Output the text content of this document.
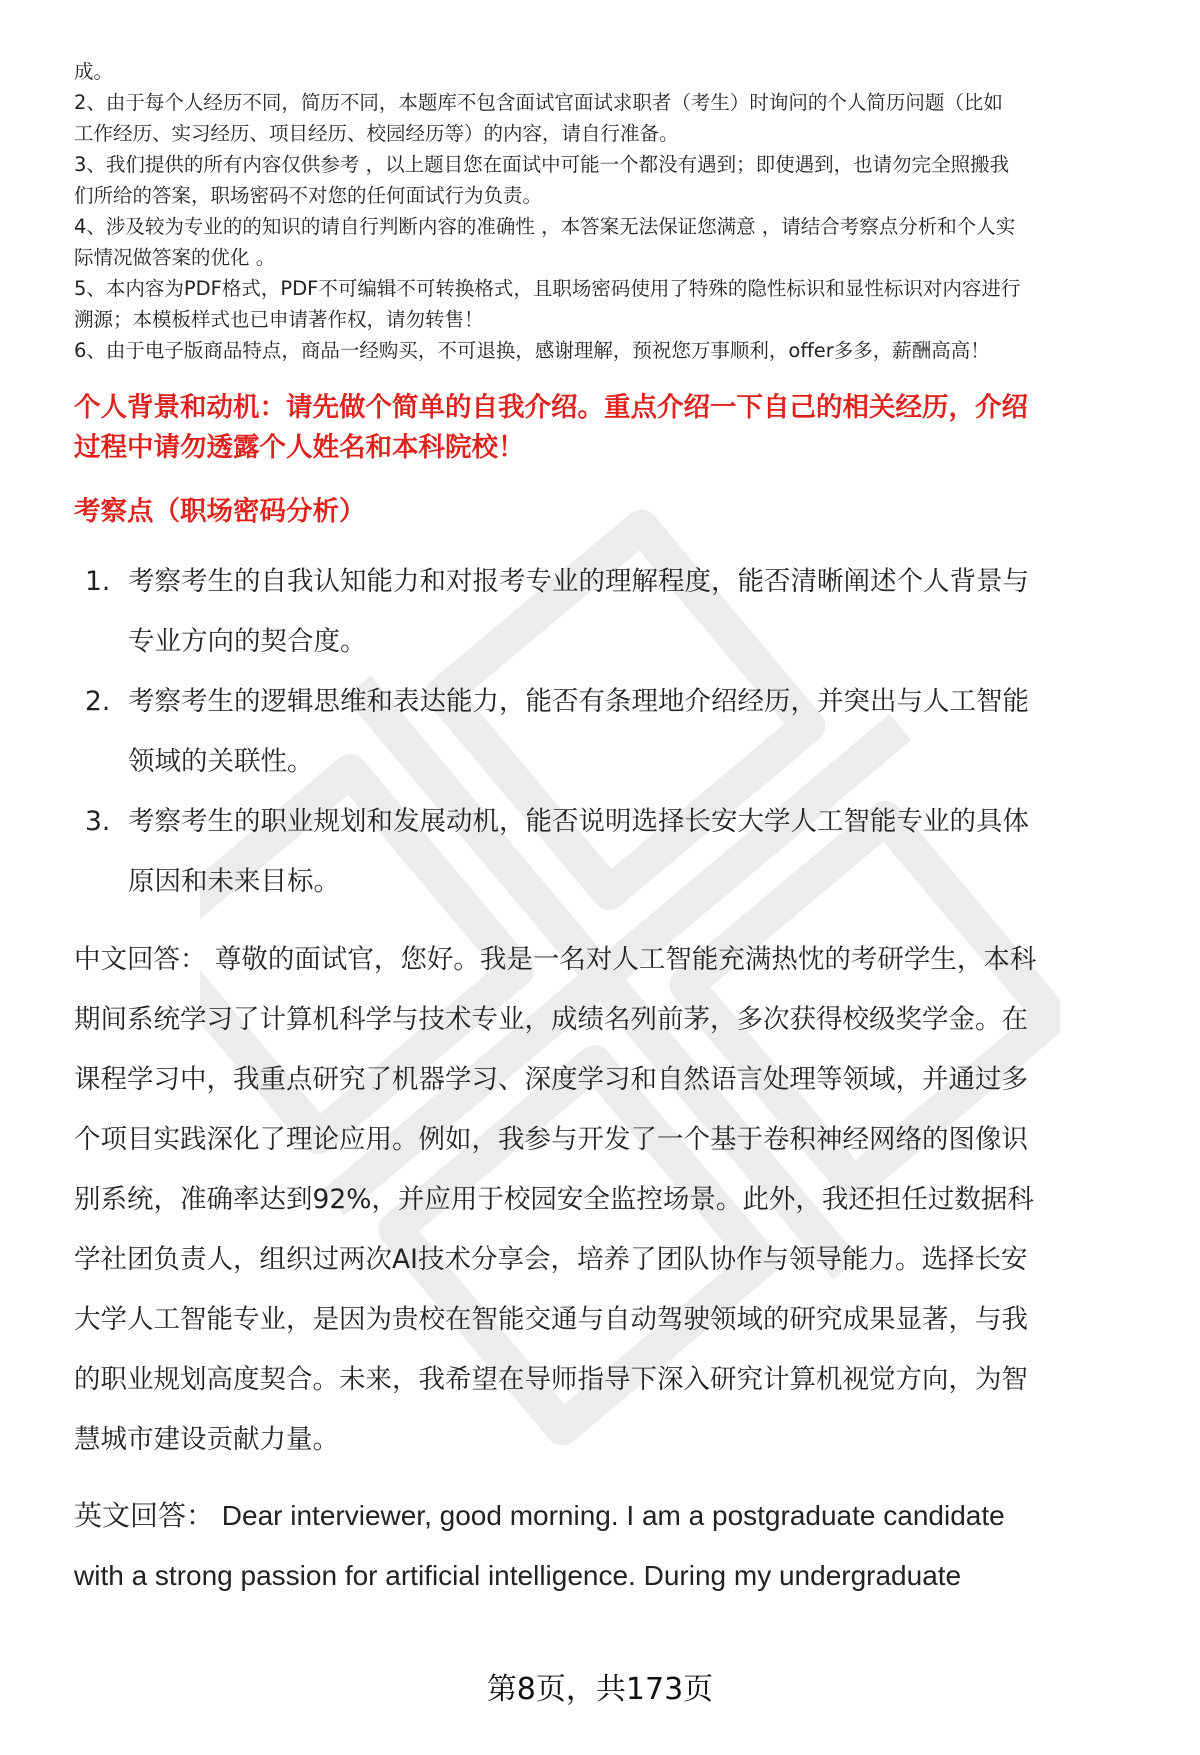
成。

2、由于每个人经历不同，简历不同，本题库不包含面试官面试求职者（考生）时询问的个人简历问题（比如

工作经历、实习经历、项目经历、校园经历等）的内容，请自行准备。

3、我们提供的所有内容仅供参考 ，以上题目您在面试中可能一个都没有遇到；即使遇到，也请勿完全照搬我

们所给的答案，职场密码不对您的任何面试行为负责。

4、涉及较为专业的的知识的请自行判断内容的准确性 ，本答案无法保证您满意 ，请结合考察点分析和个人实

际情况做答案的优化 。

5、本内容为PDF格式，PDF不可编辑不可转换格式，且职场密码使用了特殊的隐性标识和显性标识对内容进行

溯源；本模板样式也已申请著作权，请勿转售！

6、由于电子版商品特点，商品一经购买，不可退换，感谢理解，预祝您万事顺利，offer多多，薪酬高高！

个人背景和动机：请先做个简单的自我介绍。重点介绍一下自己的相关经历，介绍

过程中请勿透露个人姓名和本科院校！

考察点（职场密码分析）

1. 考察考生的自我认知能力和对报考专业的理解程度，能否清晰阐述个人背景与
专业方向的契合度。
2. 考察考生的逻辑思维和表达能力，能否有条理地介绍经历，并突出与人工智能
领域的关联性。
3. 考察考生的职业规划和发展动机，能否说明选择长安大学人工智能专业的具体
原因和未来目标。

中文回答： 尊敬的面试官，您好。我是一名对人工智能充满热忱的考研学生，本科

期间系统学习了计算机科学与技术专业，成绩名列前茅，多次获得校级奖学金。在

课程学习中，我重点研究了机器学习、深度学习和自然语言处理等领域，并通过多

个项目实践深化了理论应用。例如，我参与开发了一个基于卷积神经网络的图像识

别系统，准确率达到92%，并应用于校园安全监控场景。此外，我还担任过数据科

学社团负责人，组织过两次AI技术分享会，培养了团队协作与领导能力。选择长安

大学人工智能专业，是因为贵校在智能交通与自动驾驶领域的研究成果显著，与我

的职业规划高度契合。未来，我希望在导师指导下深入研究计算机视觉方向，为智

慧城市建设贡献力量。

英文回答： Dear interviewer, good morning. I am a postgraduate candidate

with a strong passion for artificial intelligence. During my undergraduate

第8页，共173页
